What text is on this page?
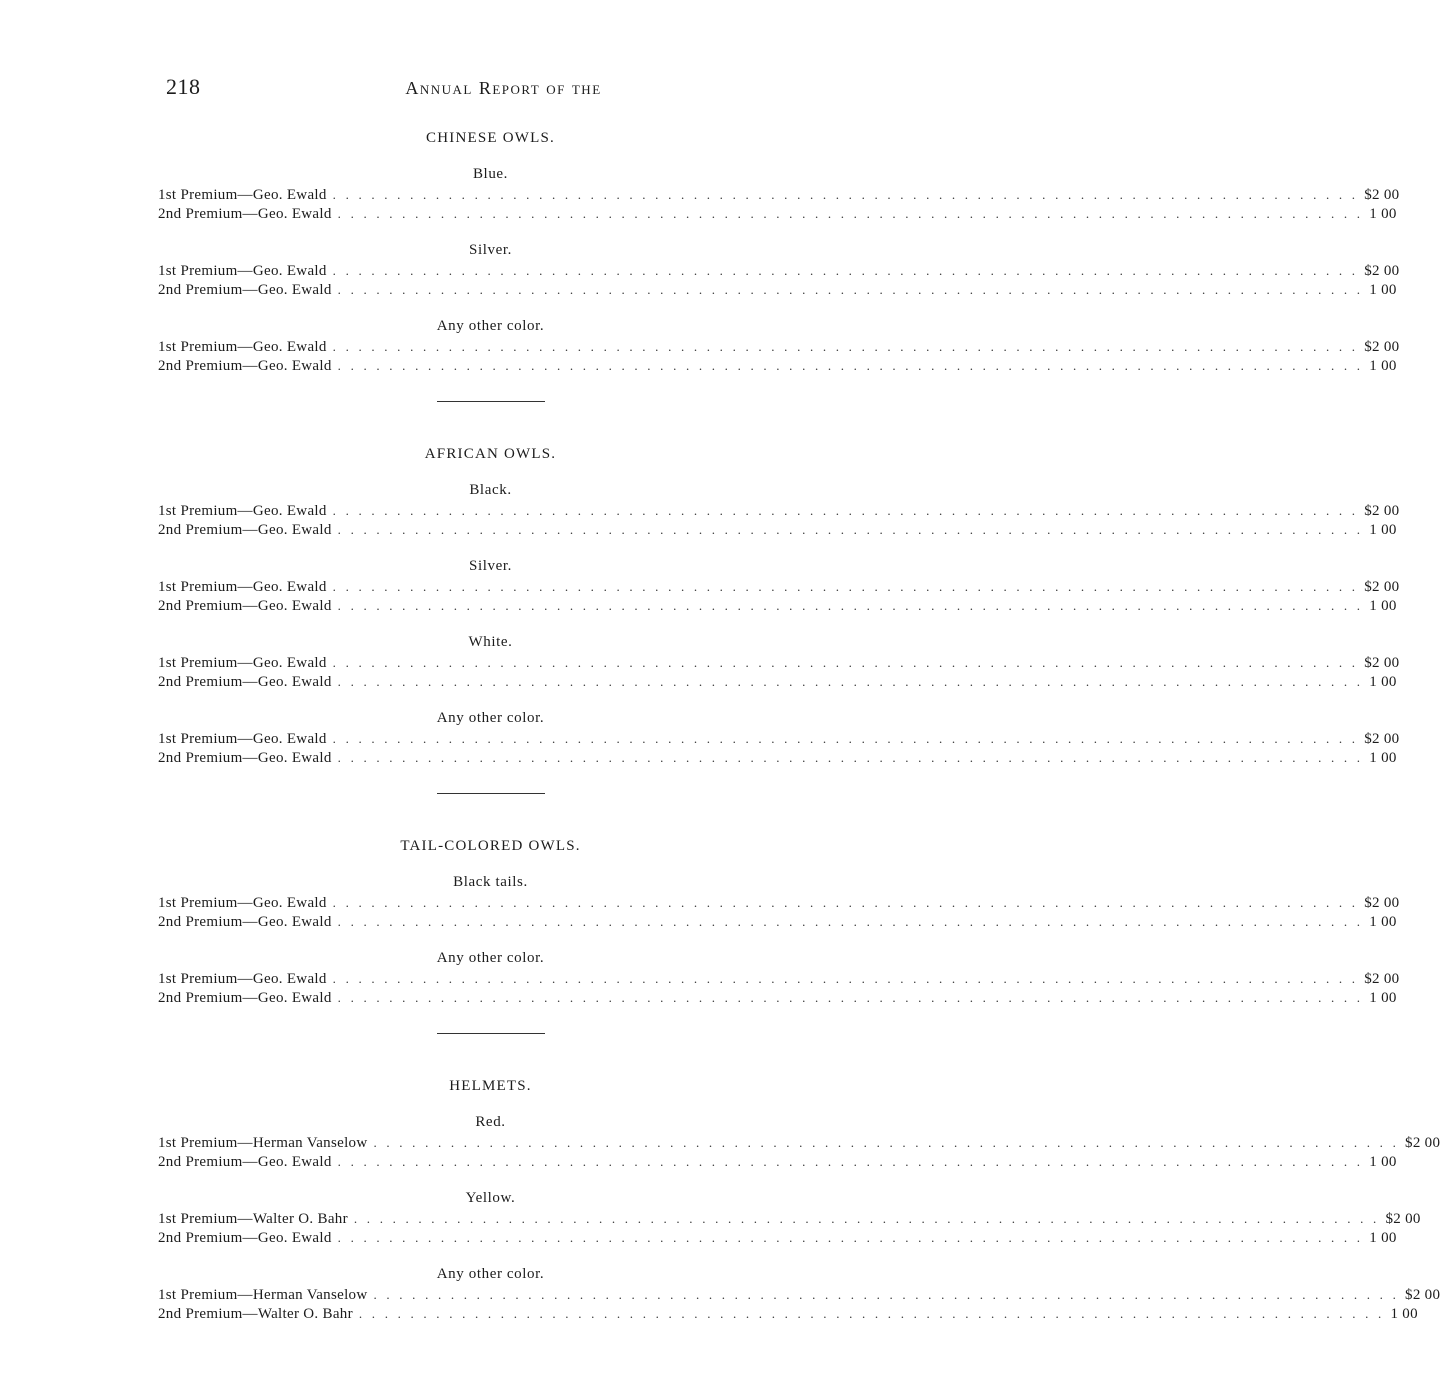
218	Annual Report of the
CHINESE OWLS.
Blue.
1st Premium—Geo. Ewald . . . . . . . . . . . . . . . . . . . . . . . . . . . . . . . . . . . . . . . . . . . . . . . . . . . . . . . . . . . . . . . . . . . . . . . . . . . . . . . . $2 00
2nd Premium—Geo. Ewald . . . . . . . . . . . . . . . . . . . . . . . . . . . . . . . . . . . . . . . . . . . . . . . . . . . . . . . . . . . . . . . . . . . . . . . . . . . . . . . . 1 00
Silver.
1st Premium—Geo. Ewald . . . . . . . . . . . . . . . . . . . . . . . . . . . . . . . . . . . . . . . . . . . . . . . . . . . . . . . . . . . . . . . . . . . . . . . . . . . . . . . . $2 00
2nd Premium—Geo. Ewald . . . . . . . . . . . . . . . . . . . . . . . . . . . . . . . . . . . . . . . . . . . . . . . . . . . . . . . . . . . . . . . . . . . . . . . . . . . . . . . . 1 00
Any other color.
1st Premium—Geo. Ewald . . . . . . . . . . . . . . . . . . . . . . . . . . . . . . . . . . . . . . . . . . . . . . . . . . . . . . . . . . . . . . . . . . . . . . . . . . . . . . . . $2 00
2nd Premium—Geo. Ewald . . . . . . . . . . . . . . . . . . . . . . . . . . . . . . . . . . . . . . . . . . . . . . . . . . . . . . . . . . . . . . . . . . . . . . . . . . . . . . . . 1 00
AFRICAN OWLS.
Black.
1st Premium—Geo. Ewald . . . . . . . . . . . . . . . . . . . . . . . . . . . . . . . . . . . . . . . . . . . . . . . . . . . . . . . . . . . . . . . . . . . . . . . . . . . . . . . . $2 00
2nd Premium—Geo. Ewald . . . . . . . . . . . . . . . . . . . . . . . . . . . . . . . . . . . . . . . . . . . . . . . . . . . . . . . . . . . . . . . . . . . . . . . . . . . . . . . . 1 00
Silver.
1st Premium—Geo. Ewald . . . . . . . . . . . . . . . . . . . . . . . . . . . . . . . . . . . . . . . . . . . . . . . . . . . . . . . . . . . . . . . . . . . . . . . . . . . . . . . . $2 00
2nd Premium—Geo. Ewald . . . . . . . . . . . . . . . . . . . . . . . . . . . . . . . . . . . . . . . . . . . . . . . . . . . . . . . . . . . . . . . . . . . . . . . . . . . . . . . . 1 00
White.
1st Premium—Geo. Ewald . . . . . . . . . . . . . . . . . . . . . . . . . . . . . . . . . . . . . . . . . . . . . . . . . . . . . . . . . . . . . . . . . . . . . . . . . . . . . . . . $2 00
2nd Premium—Geo. Ewald . . . . . . . . . . . . . . . . . . . . . . . . . . . . . . . . . . . . . . . . . . . . . . . . . . . . . . . . . . . . . . . . . . . . . . . . . . . . . . . . 1 00
Any other color.
1st Premium—Geo. Ewald . . . . . . . . . . . . . . . . . . . . . . . . . . . . . . . . . . . . . . . . . . . . . . . . . . . . . . . . . . . . . . . . . . . . . . . . . . . . . . . . $2 00
2nd Premium—Geo. Ewald . . . . . . . . . . . . . . . . . . . . . . . . . . . . . . . . . . . . . . . . . . . . . . . . . . . . . . . . . . . . . . . . . . . . . . . . . . . . . . . . 1 00
TAIL-COLORED OWLS.
Black tails.
1st Premium—Geo. Ewald . . . . . . . . . . . . . . . . . . . . . . . . . . . . . . . . . . . . . . . . . . . . . . . . . . . . . . . . . . . . . . . . . . . . . . . . . . . . . . . . $2 00
2nd Premium—Geo. Ewald . . . . . . . . . . . . . . . . . . . . . . . . . . . . . . . . . . . . . . . . . . . . . . . . . . . . . . . . . . . . . . . . . . . . . . . . . . . . . . . . 1 00
Any other color.
1st Premium—Geo. Ewald . . . . . . . . . . . . . . . . . . . . . . . . . . . . . . . . . . . . . . . . . . . . . . . . . . . . . . . . . . . . . . . . . . . . . . . . . . . . . . . . $2 00
2nd Premium—Geo. Ewald . . . . . . . . . . . . . . . . . . . . . . . . . . . . . . . . . . . . . . . . . . . . . . . . . . . . . . . . . . . . . . . . . . . . . . . . . . . . . . . . 1 00
HELMETS.
Red.
1st Premium—Herman Vanselow . . . . . . . . . . . . . . . . . . . . . . . . . . . . . . . . . . . . . . . . . . . . . . . . . . . . . . . . . . . . . . . . . . . . . . . . . . . . . . . . $2 00
2nd Premium—Geo. Ewald . . . . . . . . . . . . . . . . . . . . . . . . . . . . . . . . . . . . . . . . . . . . . . . . . . . . . . . . . . . . . . . . . . . . . . . . . . . . . . . . 1 00
Yellow.
1st Premium—Walter O. Bahr . . . . . . . . . . . . . . . . . . . . . . . . . . . . . . . . . . . . . . . . . . . . . . . . . . . . . . . . . . . . . . . . . . . . . . . . . . . . . . . . $2 00
2nd Premium—Geo. Ewald . . . . . . . . . . . . . . . . . . . . . . . . . . . . . . . . . . . . . . . . . . . . . . . . . . . . . . . . . . . . . . . . . . . . . . . . . . . . . . . . 1 00
Any other color.
1st Premium—Herman Vanselow . . . . . . . . . . . . . . . . . . . . . . . . . . . . . . . . . . . . . . . . . . . . . . . . . . . . . . . . . . . . . . . . . . . . . . . . . . . . . . . . $2 00
2nd Premium—Walter O. Bahr . . . . . . . . . . . . . . . . . . . . . . . . . . . . . . . . . . . . . . . . . . . . . . . . . . . . . . . . . . . . . . . . . . . . . . . . . . . . . . . . 1 00
